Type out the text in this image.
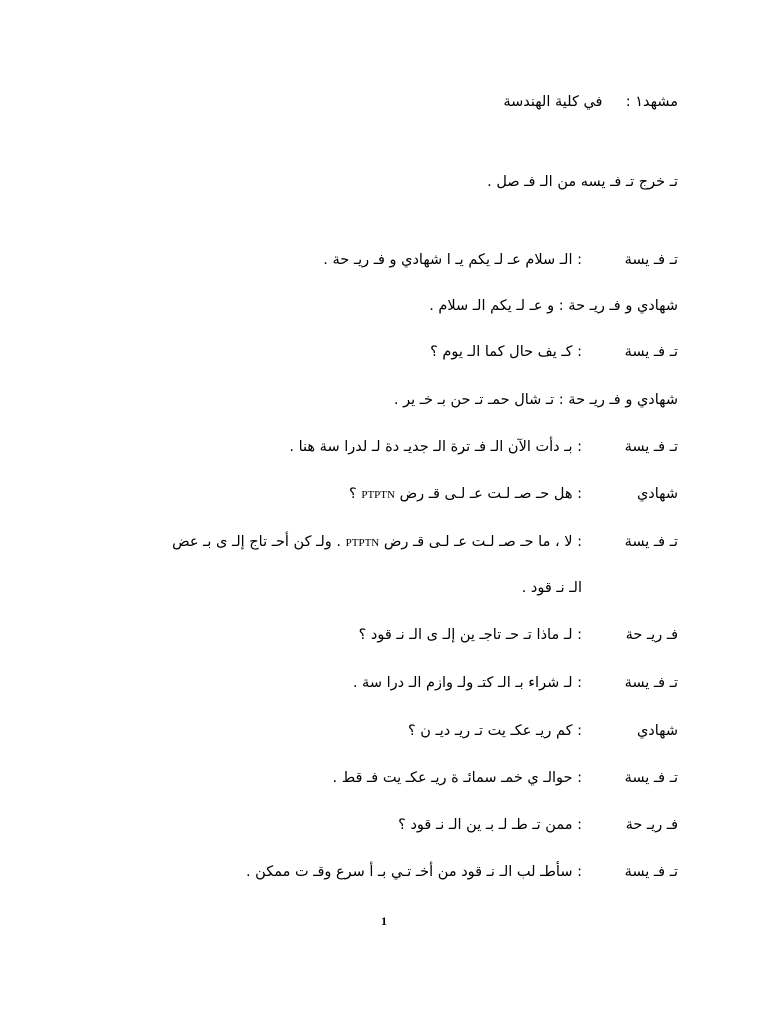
مشهد١ :  في كلية الهندسة
تـ خرج تـ فـ يسه من الـ فـ صل .
تـ فـ يسة: الـ سلام عـ لـ يكم يـ ا شهادي و فـ ريـ حة .
شهادي و فـ ريـ حة : و عـ لـ يكم الـ سلام .
تـ فـ يسة: كـ يف حال كما الـ يوم ؟
شهادي و فـ ريـ حة : تـ شال حمـ تـ حن بـ خـ ير .
تـ فـ يسة: بـ دأت الآن الـ فـ ترة الـ جديـ دة لـ لدرا سة هنا .
شهادي: هل حـ صـ لـت عـ لـى قـ رض PTPTN ؟
تـ فـ يسة: لا ، ما حـ صـ لـت عـ لـى قـ رض PTPTN . ولـ كن أحـ تاج إلـ ى بـ عض
الـ نـ قود .
فـ ريـ حة: لـ ماذا تـ حـ تاجـ ين إلـ ى الـ نـ قود ؟
تـ فـ يسة: لـ شراء بـ الـ كتـ ولـ وازم الـ درا سة .
شهادي: كم ريـ عكـ يت تـ ريـ ديـ ن ؟
تـ فـ يسة: حوالـ ي خمـ سمائـ ة ريـ عكـ يت فـ قط .
فـ ريـ حة: ممن تـ طـ لـ بـ ين الـ نـ قود ؟
تـ فـ يسة: سأطـ لب الـ نـ قود من أخـ تـي بـ أ سرع وقـ ت ممكن .
1
